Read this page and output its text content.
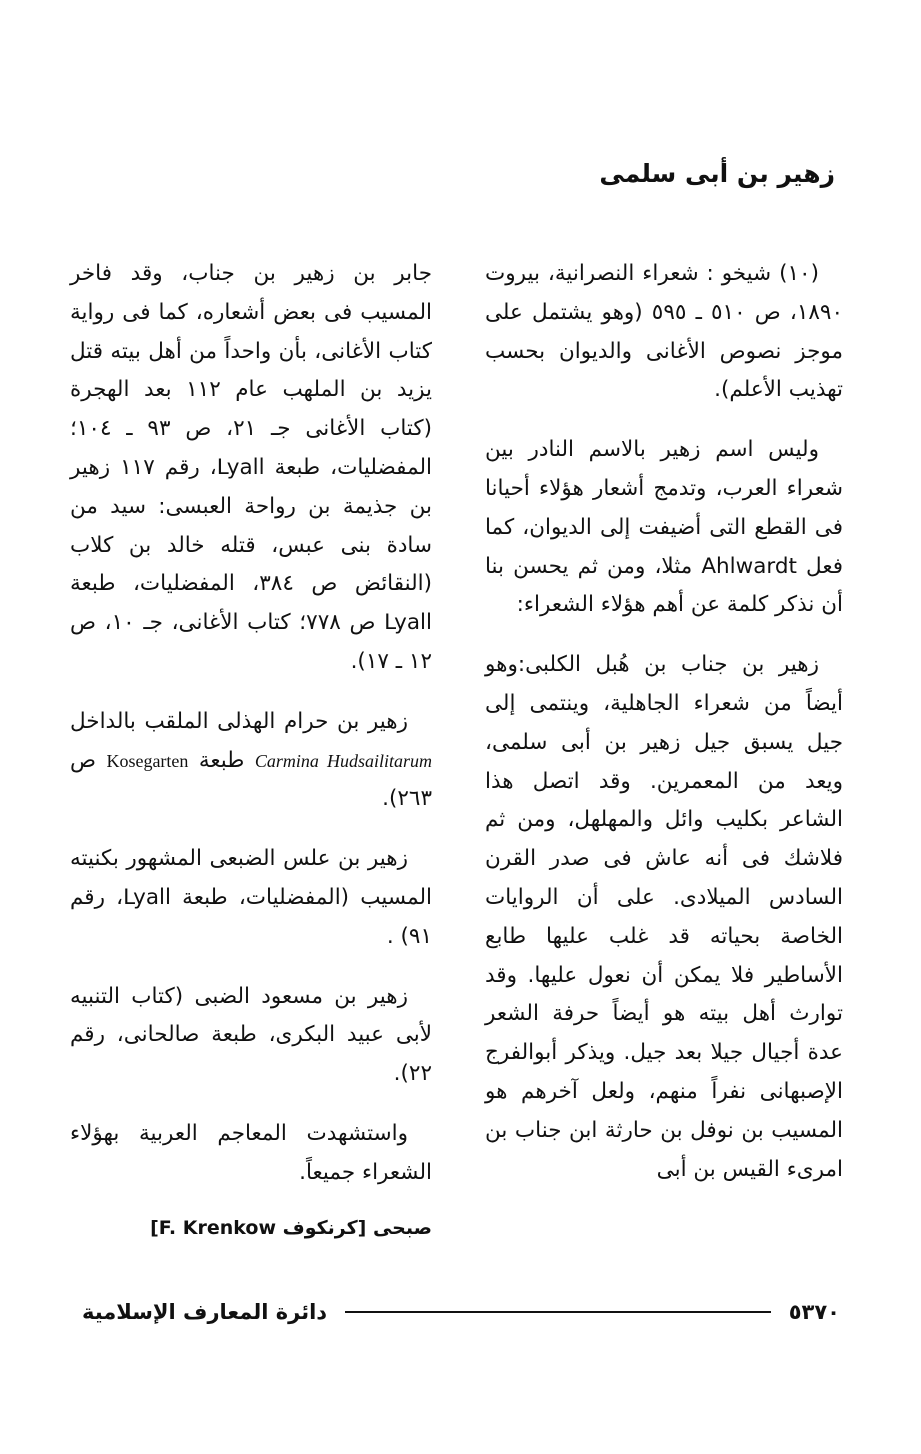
زهير بن أبى سلمى

(١٠) شيخو : شعراء النصرانية، بيروت ١٨٩٠، ص ٥١٠ ـ ٥٩٥ (وهو يشتمل على موجز نصوص الأغانى والديوان بحسب تهذيب الأعلم).

وليس اسم زهير بالاسم النادر بين شعراء العرب، وتدمج أشعار هؤلاء أحيانا فى القطع التى أضيفت إلى الديوان، كما فعل Ahlwardt مثلا، ومن ثم يحسن بنا أن نذكر كلمة عن أهم هؤلاء الشعراء:

زهير بن جناب بن هُبل الكلبى:وهو أيضاً من شعراء الجاهلية، وينتمى إلى جيل يسبق جيل زهير بن أبى سلمى، ويعد من المعمرين. وقد اتصل هذا الشاعر بكليب وائل والمهلهل، ومن ثم فلاشك فى أنه عاش فى صدر القرن السادس الميلادى. على أن الروايات الخاصة بحياته قد غلب عليها طابع الأساطير فلا يمكن أن نعول عليها. وقد توارث أهل بيته هو أيضاً حرفة الشعر عدة أجيال جيلا بعد جيل. ويذكر أبوالفرج الإصبهانى نفراً منهم، ولعل آخرهم هو المسيب بن نوفل بن حارثة ابن جناب بن امرىء القيس بن أبى

جابر بن زهير بن جناب، وقد فاخر المسيب فى بعض أشعاره، كما فى رواية كتاب الأغانى، بأن واحداً من أهل بيته قتل يزيد بن الملهب عام ١١٢ بعد الهجرة (كتاب الأغانى جـ ٢١، ص ٩٣ ـ ١٠٤؛ المفضليات، طبعة Lyall، رقم ١١٧ زهير بن جذيمة بن رواحة العبسى: سيد من سادة بنى عبس، قتله خالد بن كلاب (النقائض ص ٣٨٤، المفضليات، طبعة Lyall ص ٧٧٨؛ كتاب الأغانى، جـ ١٠، ص ١٢ ـ ١٧).

زهير بن حرام الهذلى الملقب بالداخل Carmina Hudsailitarum طبعة Kosegarten ص ٢٦٣).

زهير بن علس الضبعى المشهور بكنيته المسيب (المفضليات، طبعة Lyall، رقم ٩١) .

زهير بن مسعود الضبى (كتاب التنبيه لأبى عبيد البكرى، طبعة صالحانى، رقم ٢٢).

واستشهدت المعاجم العربية بهؤلاء الشعراء جميعاً.

صبحى [كرنكوف F. Krenkow]
٥٣٧٠
دائرة المعارف الإسلامية
